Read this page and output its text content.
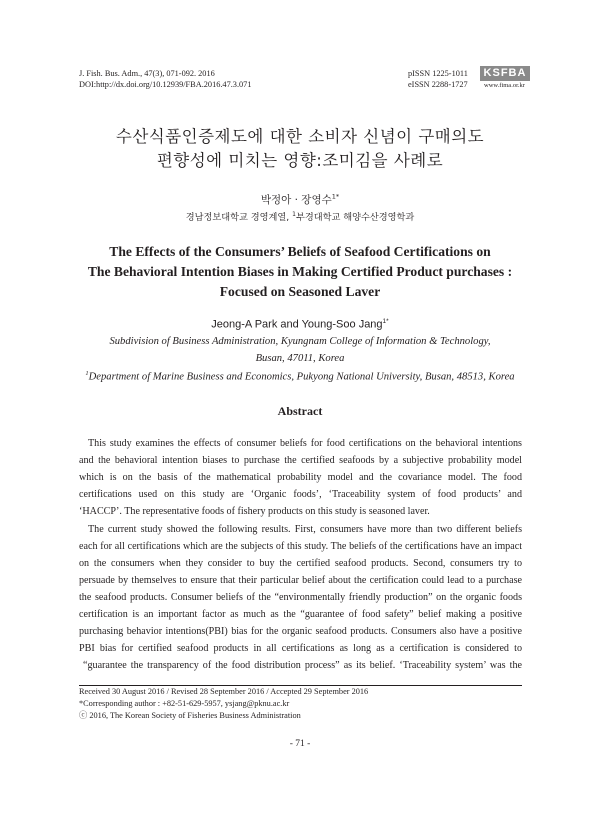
J. Fish. Bus. Adm., 47(3), 071-092. 2016
DOI:http://dx.doi.org/10.12939/FBA.2016.47.3.071
pISSN 1225-1011
eISSN 2288-1727
KSFBA
www.fima.or.kr
수산식품인증제도에 대한 소비자 신념이 구매의도
편향성에 미치는 영향:조미김을 사례로
박정아 · 장영수$^{1*}$
경남정보대학교 경영계열, $^1$부경대학교 해양수산경영학과
The Effects of the Consumers’ Beliefs of Seafood Certifications on
The Behavioral Intention Biases in Making Certified Product purchases :
Focused on Seasoned Laver
Jeong-A Park and Young-Soo Jang$^{1*}$
Subdivision of Business Administration, Kyungnam College of Information & Technology,
Busan, 47011, Korea
$^1$Department of Marine Business and Economics, Pukyong National University, Busan, 48513, Korea
Abstract
This study examines the effects of consumer beliefs for food certifications on the behavioral intentions
and the behavioral intention biases to purchase the certified seafoods by a subjective probability model
which is on the basis of the mathematical probability model and the covariance model. The food
certifications used on this study are ‘Organic foods’, ‘Traceability system of food products’ and
‘HACCP’. The representative foods of fishery products on this study is seasoned laver.
The current study showed the following results. First, consumers have more than two different beliefs
each for all certifications which are the subjects of this study. The beliefs of the certifications have an impact
on the consumers when they consider to buy the certified seafood products. Second, consumers try to
persuade by themselves to ensure that their particular belief about the certification could lead to a purchase
the seafood products. Consumer beliefs of the “environmentally friendly production” on the organic foods
certification is an important factor as much as the “guarantee of food safety” belief making a positive
purchasing behavior intentions(PBI) bias for the organic seafood products. Consumers also have a positive
PBI bias for certified seafood products in all certifications as long as a certification is considered to
“guarantee the transparency of the food distribution process” as its belief. ‘Traceability system’ was the
Received 30 August 2016 / Revised 28 September 2016 / Accepted 29 September 2016
*Corresponding author : +82-51-629-5957, ysjang@pknu.ac.kr
ⓒ 2016, The Korean Society of Fisheries Business Administration
- 71 -
